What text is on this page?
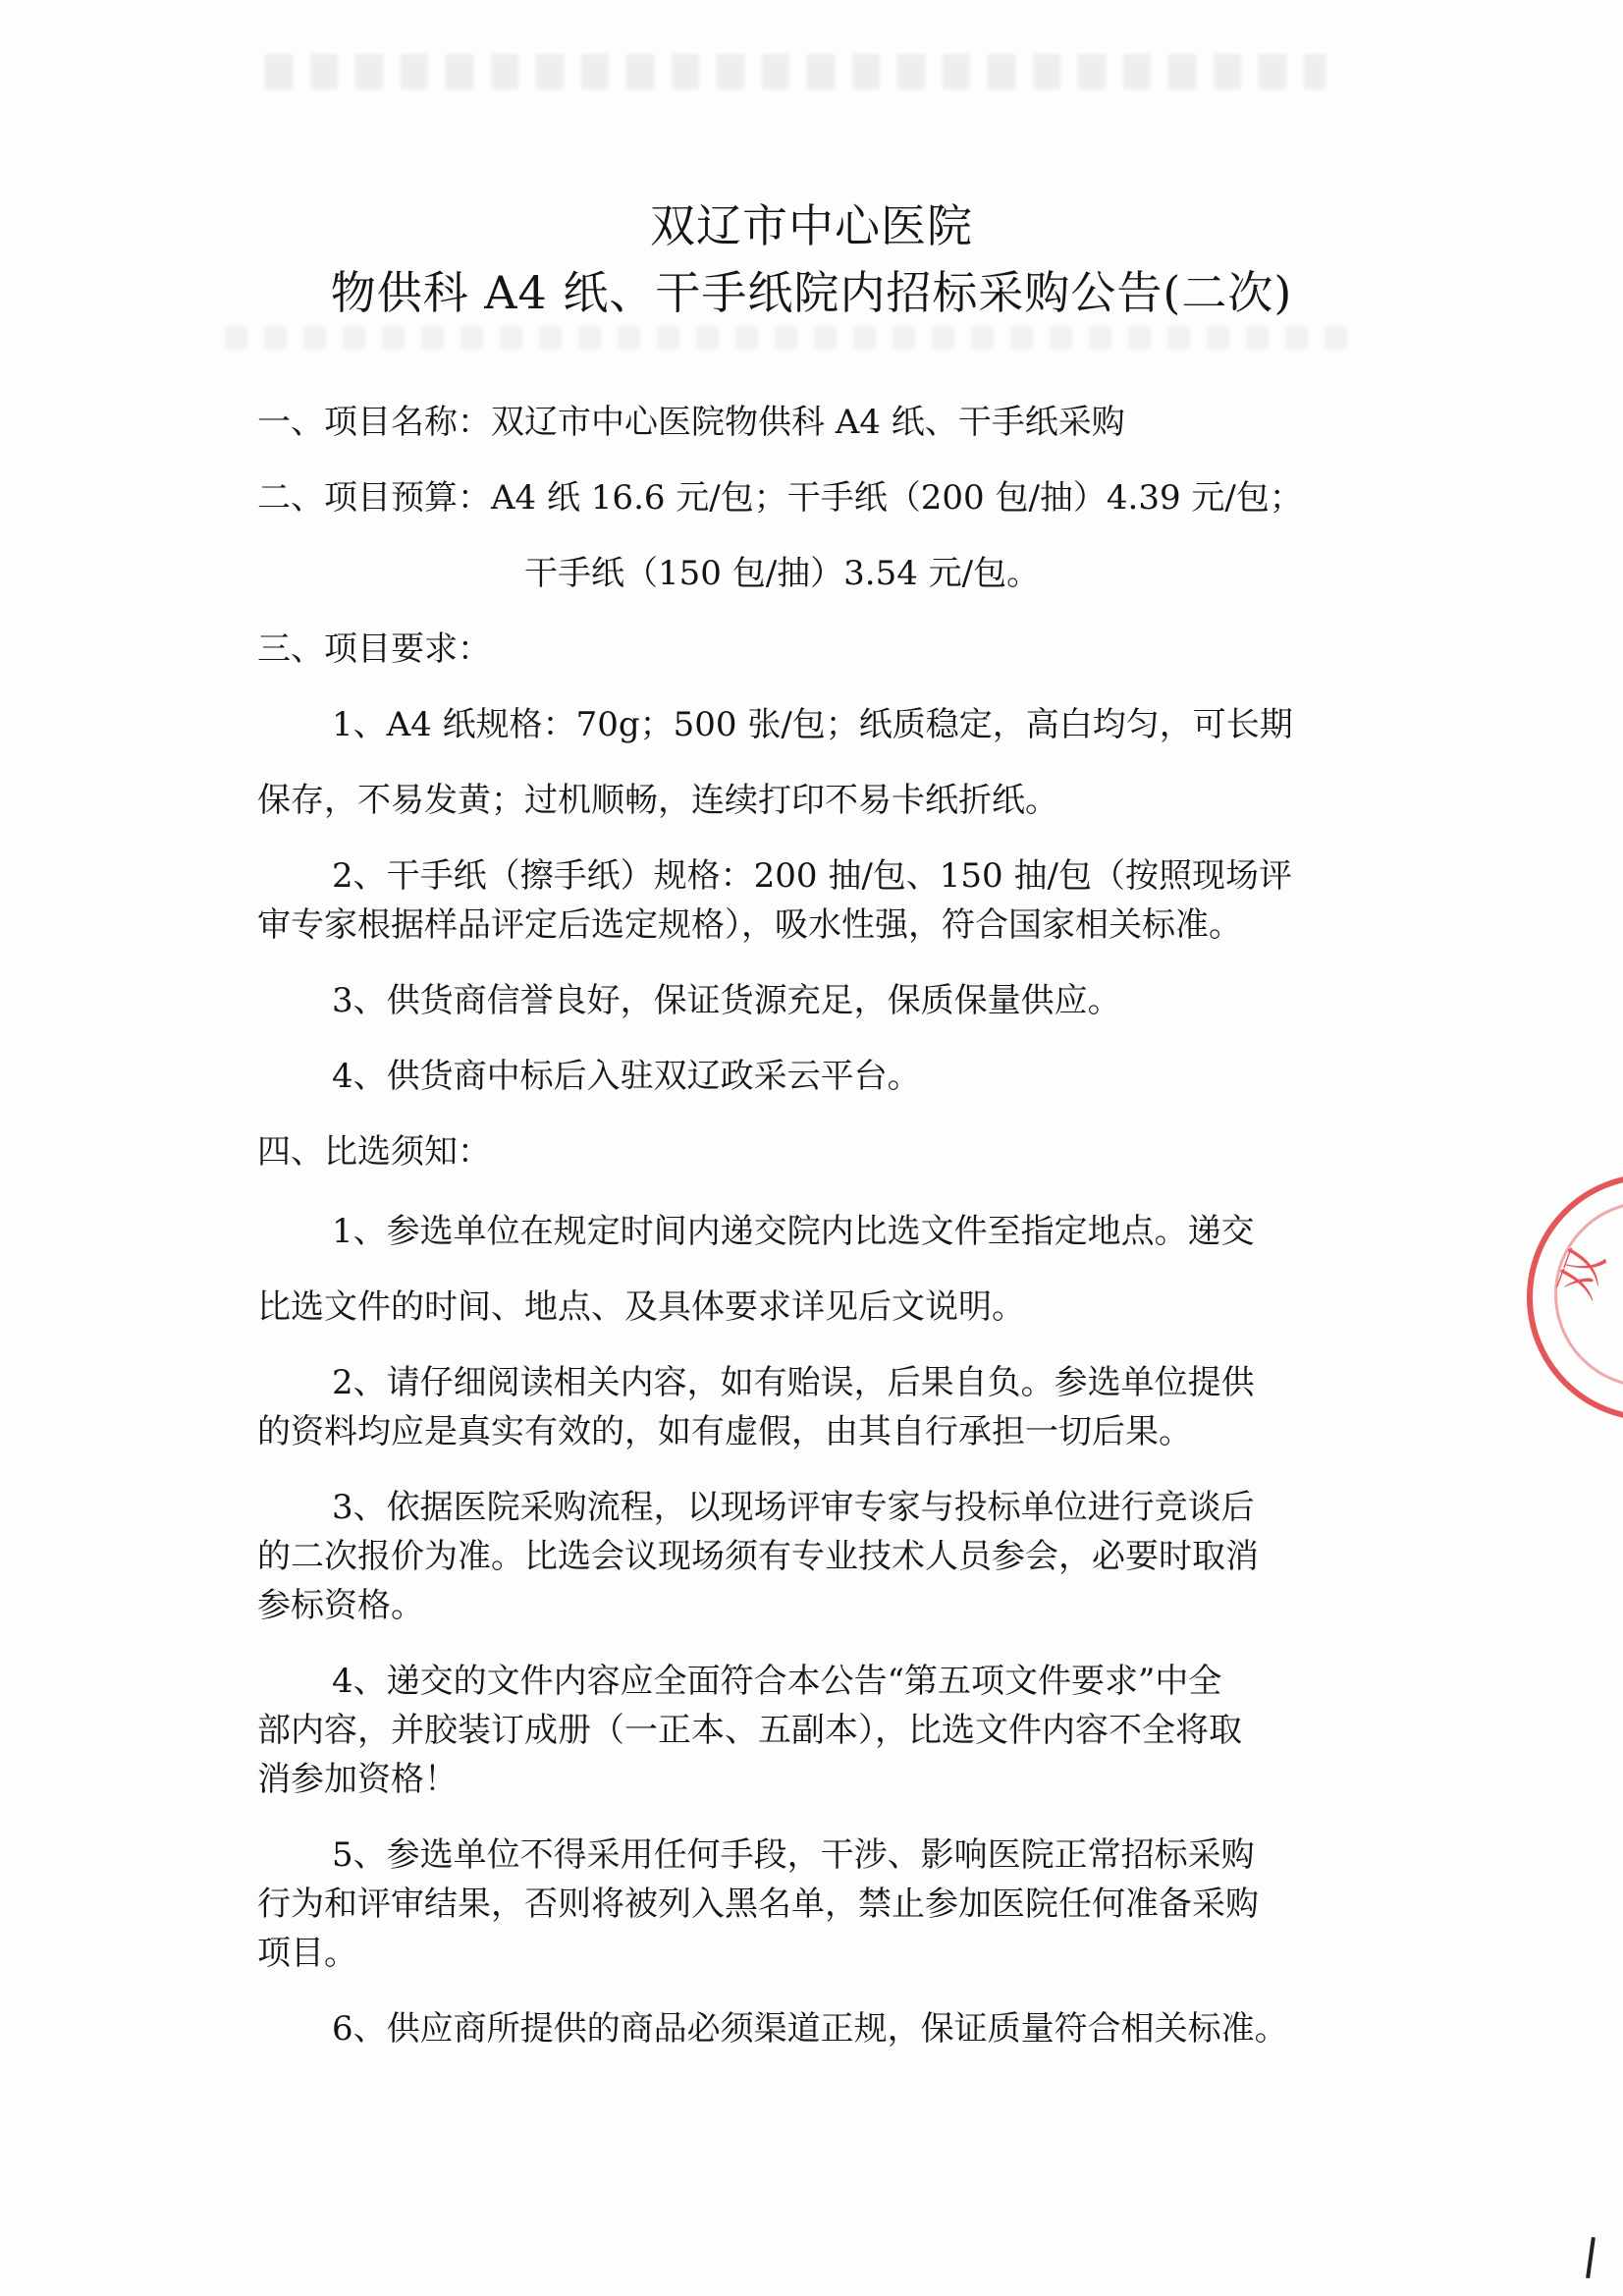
双辽市中心医院
物供科 A4 纸、干手纸院内招标采购公告(二次)
一、项目名称：双辽市中心医院物供科 A4 纸、干手纸采购
二、项目预算：A4 纸 16.6 元/包；干手纸（200 包/抽）4.39 元/包；
干手纸（150 包/抽）3.54 元/包。
三、项目要求：
1、A4 纸规格：70g；500 张/包；纸质稳定，高白均匀，可长期
保存，不易发黄；过机顺畅，连续打印不易卡纸折纸。
2、干手纸（擦手纸）规格：200 抽/包、150 抽/包（按照现场评
审专家根据样品评定后选定规格），吸水性强，符合国家相关标准。
3、供货商信誉良好，保证货源充足，保质保量供应。
4、供货商中标后入驻双辽政采云平台。
四、比选须知：
1、参选单位在规定时间内递交院内比选文件至指定地点。递交
比选文件的时间、地点、及具体要求详见后文说明。
2、请仔细阅读相关内容，如有贻误，后果自负。参选单位提供
的资料均应是真实有效的，如有虚假，由其自行承担一切后果。
3、依据医院采购流程，以现场评审专家与投标单位进行竞谈后
的二次报价为准。比选会议现场须有专业技术人员参会，必要时取消
参标资格。
4、递交的文件内容应全面符合本公告“第五项文件要求”中全
部内容，并胶装订成册（一正本、五副本），比选文件内容不全将取
消参加资格！
5、参选单位不得采用任何手段，干涉、影响医院正常招标采购
行为和评审结果，否则将被列入黑名单，禁止参加医院任何准备采购
项目。
6、供应商所提供的商品必须渠道正规，保证质量符合相关标准。
双
